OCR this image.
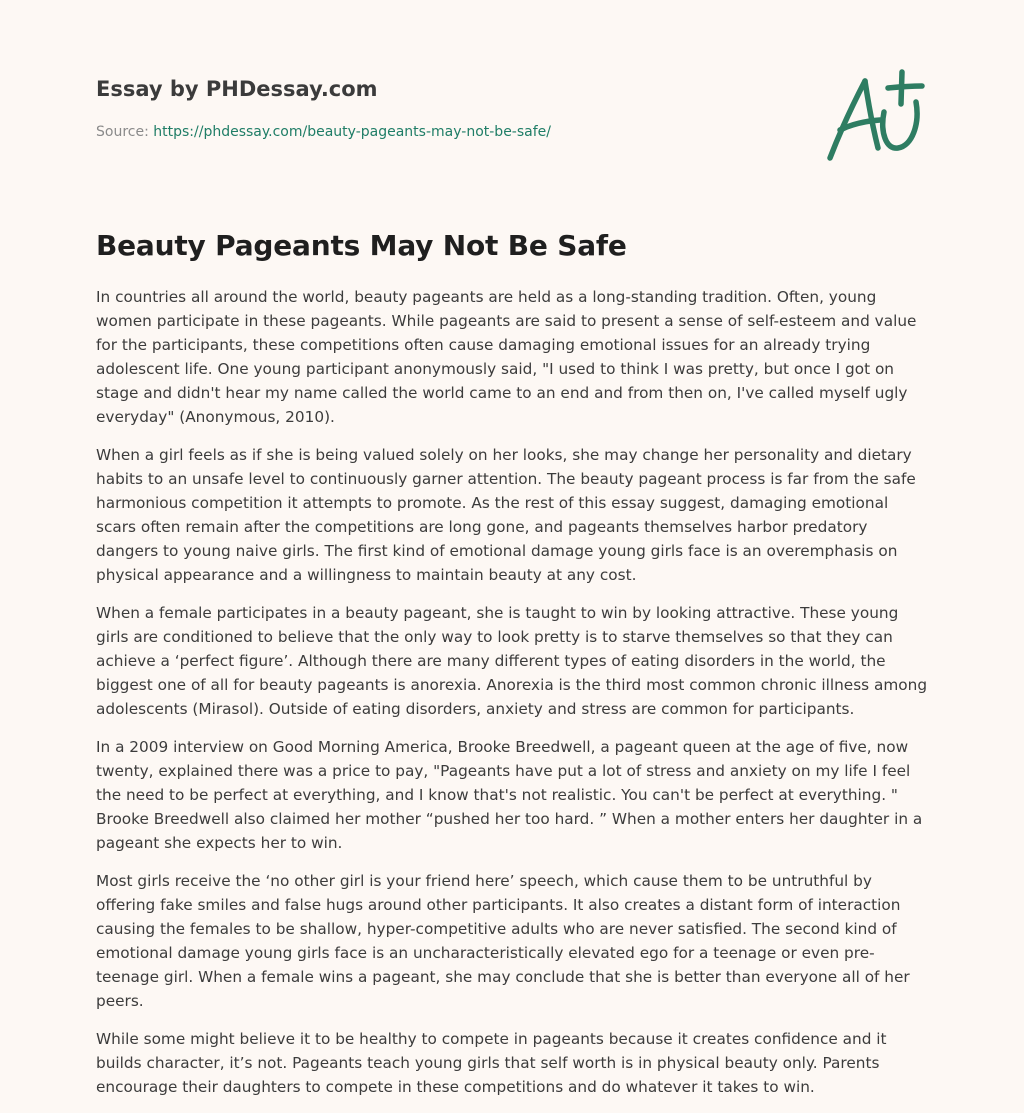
Essay by PHDessay.com
Source: https://phdessay.com/beauty-pageants-may-not-be-safe/
Beauty Pageants May Not Be Safe

In countries all around the world, beauty pageants are held as a long-standing tradition. Often, young women participate in these pageants. While pageants are said to present a sense of self-esteem and value for the participants, these competitions often cause damaging emotional issues for an already trying adolescent life. One young participant anonymously said, "I used to think I was pretty, but once I got on stage and didn't hear my name called the world came to an end and from then on, I've called myself ugly everyday" (Anonymous, 2010).

When a girl feels as if she is being valued solely on her looks, she may change her personality and dietary habits to an unsafe level to continuously garner attention. The beauty pageant process is far from the safe harmonious competition it attempts to promote. As the rest of this essay suggest, damaging emotional scars often remain after the competitions are long gone, and pageants themselves harbor predatory dangers to young naive girls. The first kind of emotional damage young girls face is an overemphasis on physical appearance and a willingness to maintain beauty at any cost.

When a female participates in a beauty pageant, she is taught to win by looking attractive. These young girls are conditioned to believe that the only way to look pretty is to starve themselves so that they can achieve a ‘perfect figure’. Although there are many different types of eating disorders in the world, the biggest one of all for beauty pageants is anorexia. Anorexia is the third most common chronic illness among adolescents (Mirasol). Outside of eating disorders, anxiety and stress are common for participants.

In a 2009 interview on Good Morning America, Brooke Breedwell, a pageant queen at the age of five, now twenty, explained there was a price to pay, "Pageants have put a lot of stress and anxiety on my life I feel the need to be perfect at everything, and I know that's not realistic. You can't be perfect at everything. " Brooke Breedwell also claimed her mother “pushed her too hard. ” When a mother enters her daughter in a pageant she expects her to win.

Most girls receive the ‘no other girl is your friend here’ speech, which cause them to be untruthful by offering fake smiles and false hugs around other participants. It also creates a distant form of interaction causing the females to be shallow, hyper-competitive adults who are never satisfied. The second kind of emotional damage young girls face is an uncharacteristically elevated ego for a teenage or even pre-teenage girl. When a female wins a pageant, she may conclude that she is better than everyone all of her peers.

While some might believe it to be healthy to compete in pageants because it creates confidence and it builds character, it’s not. Pageants teach young girls that self worth is in physical beauty only. Parents encourage their daughters to compete in these competitions and do whatever it takes to win.
